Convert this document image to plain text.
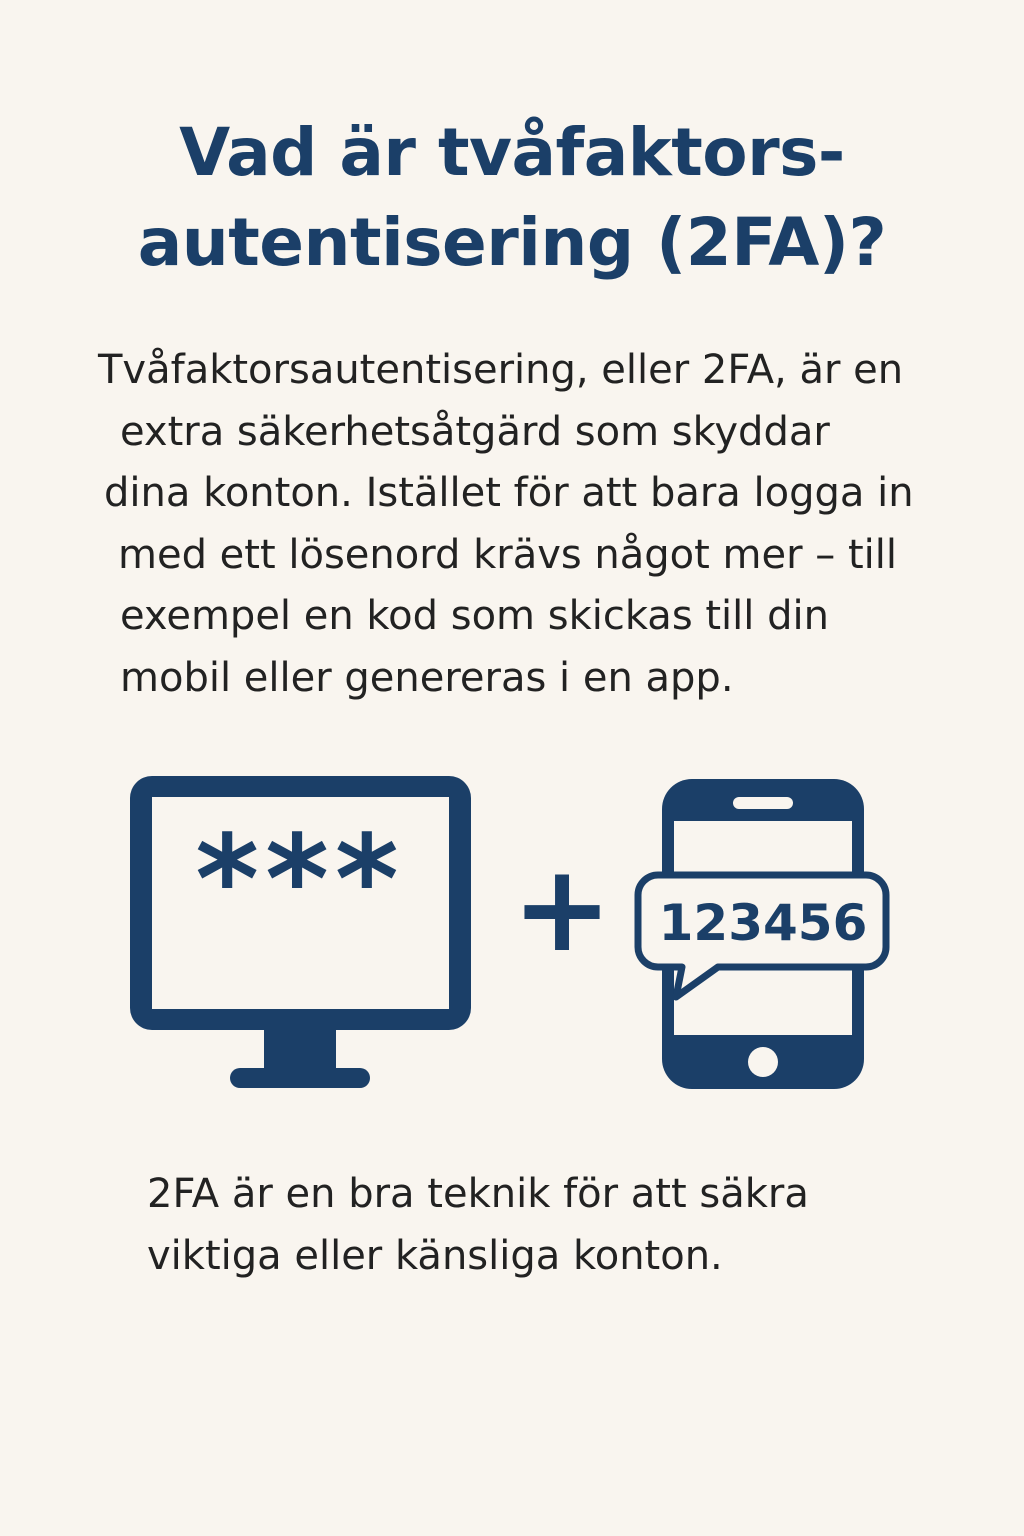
Vad är tvåfaktors-
autentisering (2FA)?
Tvåfaktorsautentisering, eller 2FA, är en
extra säkerhetsåtgärd som skyddar
dina konton. Istället för att bara logga in
med ett lösenord krävs något mer – till
exempel en kod som skickas till din
mobil eller genereras i en app.
*** + 123456
2FA är en bra teknik för att säkra
viktiga eller känsliga konton.
